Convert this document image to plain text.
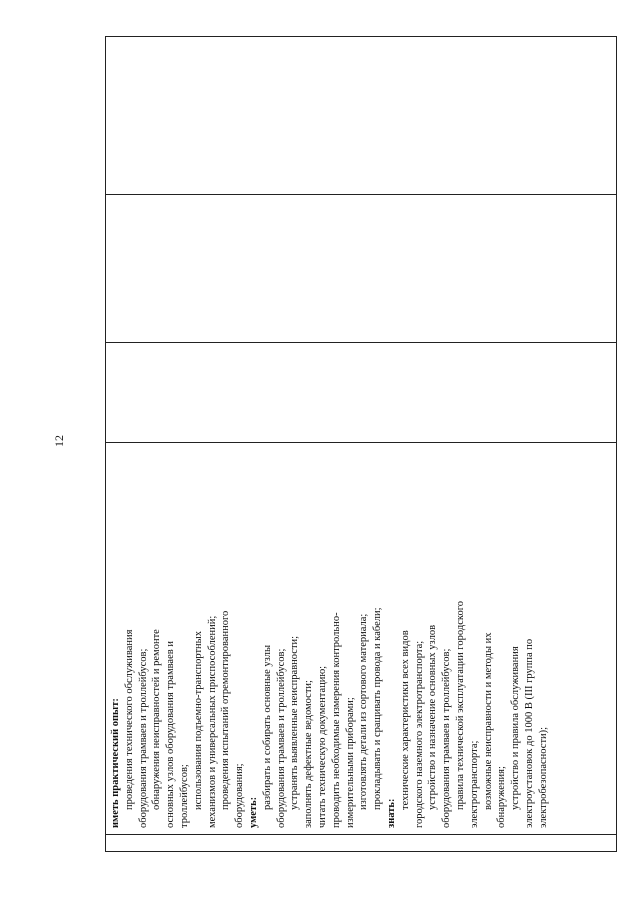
12

иметь практический опыт: проведения технического обслуживания оборудования трамваев и троллейбусов; обнаружения неисправностей и ремонте основных узлов оборудования трамваев и троллейбусов; использования подъемно-транспортных механизмов и универсальных приспособлений; проведения испытаний отремонтированного оборудования; уметь:
разбирать и собирать основные узлы оборудования трамваев и троллейбусов; устранять выявленные неисправности; заполнять дефектные ведомости; читать техническую документацию; проводить необходимые измерения контрольно- измерительными приборами; изготовлять детали из сортового материала; прокладывать и сращивать провода и кабели;
знать:
технические характеристики всех видов городского наземного электротранспорта; устройство и назначение основных узлов оборудования трамваев и троллейбусов; правила технической эксплуатации городского электротранспорта; возможные неисправности и методы их обнаружения; устройство и правила обслуживания электроустановок до 1000 В (III группа по электробезопасности);
